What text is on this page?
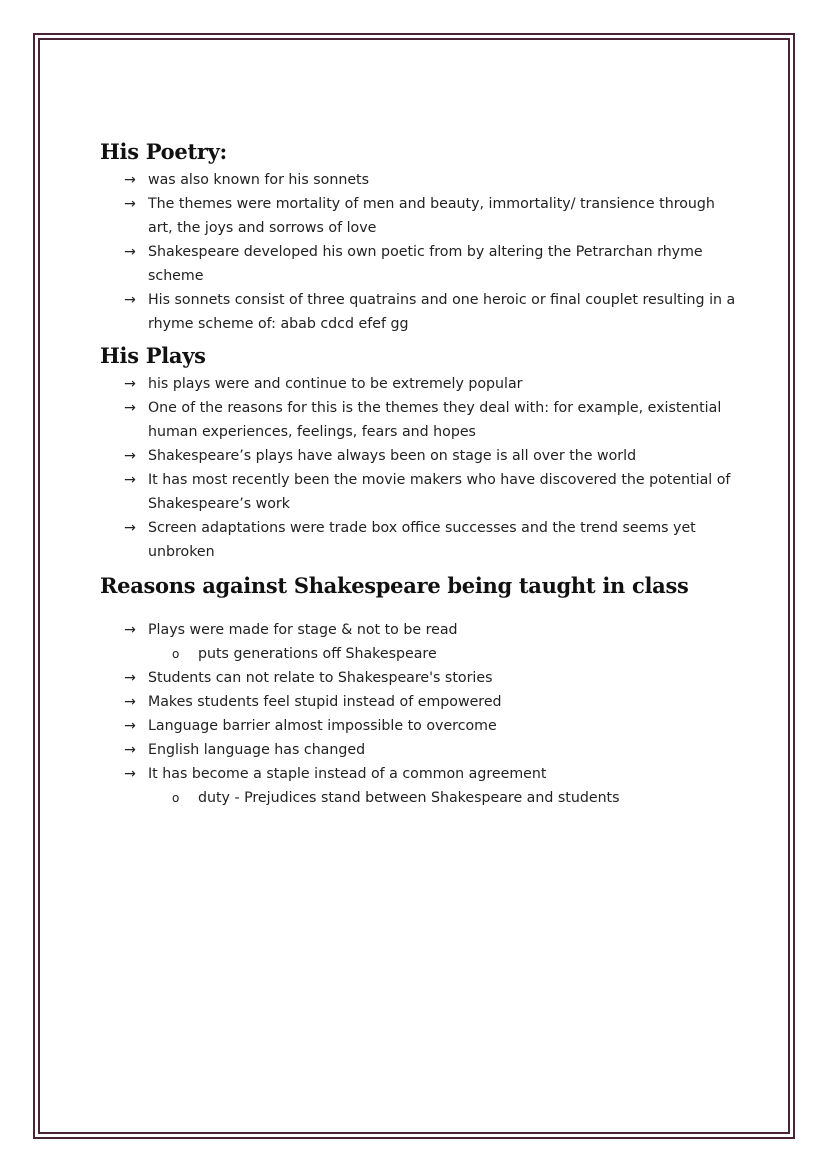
His Poetry:
→ was also known for his sonnets
→ The themes were mortality of men and beauty, immortality/ transience through art, the joys and sorrows of love
→ Shakespeare developed his own poetic from by altering the Petrarchan rhyme scheme
→ His sonnets consist of three quatrains and one heroic or final couplet resulting in a rhyme scheme of: abab cdcd efef gg
His Plays
→ his plays were and continue to be extremely popular
→ One of the reasons for this is the themes they deal with: for example, existential human experiences, feelings, fears and hopes
→ Shakespeare’s plays have always been on stage is all over the world
→ It has most recently been the movie makers who have discovered the potential of Shakespeare’s work
→ Screen adaptations were trade box office successes and the trend seems yet unbroken
Reasons against Shakespeare being taught in class
→ Plays were made for stage & not to be read
o puts generations off Shakespeare
→ Students can not relate to Shakespeare's stories
→ Makes students feel stupid instead of empowered
→ Language barrier almost impossible to overcome
→ English language has changed
→ It has become a staple instead of a common agreement
o duty - Prejudices stand between Shakespeare and students
